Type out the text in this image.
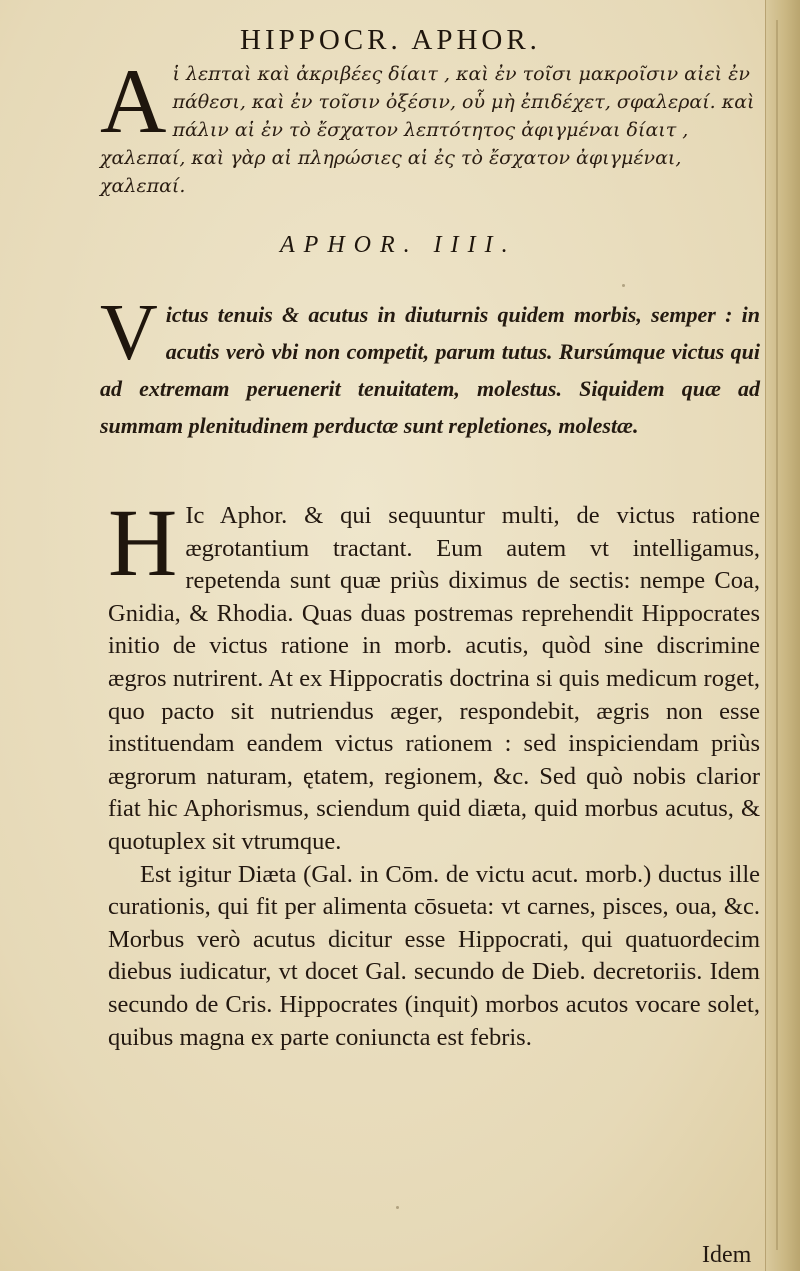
HIPPOCR. APHOR.
A ἱ λεπταὶ καὶ ἀκριβέες δίαιτ , καὶ ἐν τοῖσι μακροῖσιν αἰεὶ ἐν πάθεσι, καὶ ἐν τοῖσιν ὀξέσιν, οὗ μὴ ἐπιδέχετ, σφαλεραί. καὶ πάλιν αἱ ἐν τὸ ἔσχατον λεπτότητος ἀφιγμέναι δίαιτ , χαλεπαί, καὶ γὰρ αἱ πληρώσιες αἱ ἐς τὸ ἔσχατον ἀφιγμέναι, χαλεπαί.
APHOR. IIII.
V ictus tenuis & acutus in diuturnis quidem morbis, semper : in acutis verò vbi non competit, parum tutus. Rursúmque victus qui ad extremam peruenerit tenuitatem, molestus. Siquidem quæ ad summam plenitudinem perductæ sunt repletiones, molestæ.

H Ic Aphor. & qui sequuntur multi, de victus ratione ægrotantium tractant. Eum autem vt intelligamus, repetenda sunt quæ priùs diximus de sectis: nempe Coa, Gnidia, & Rhodia. Quas duas postremas reprehendit Hippocrates initio de victus ratione in morb. acutis, quòd sine discrimine ægros nutrirent. At ex Hippocratis doctrina si quis medicum roget, quo pacto sit nutriendus æger, respondebit, ægris non esse instituendam eandem victus rationem : sed inspiciendam priùs ægrorum naturam, ętatem, regionem, &c. Sed quò nobis clarior fiat hic Aphorismus, sciendum quid diæta, quid morbus acutus, & quotuplex sit vtrumque.

Est igitur Diæta (Gal. in Cōm. de victu acut. morb.) ductus ille curationis, qui fit per alimenta cōsueta: vt carnes, pisces, oua, &c. Morbus verò acutus dicitur esse Hippocrati, qui quatuordecim diebus iudicatur, vt docet Gal. secundo de Dieb. decretoriis. Idem secundo de Cris. Hippocrates (inquit) morbos acutos vocare solet, quibus magna ex parte coniuncta est febris.

Idem
